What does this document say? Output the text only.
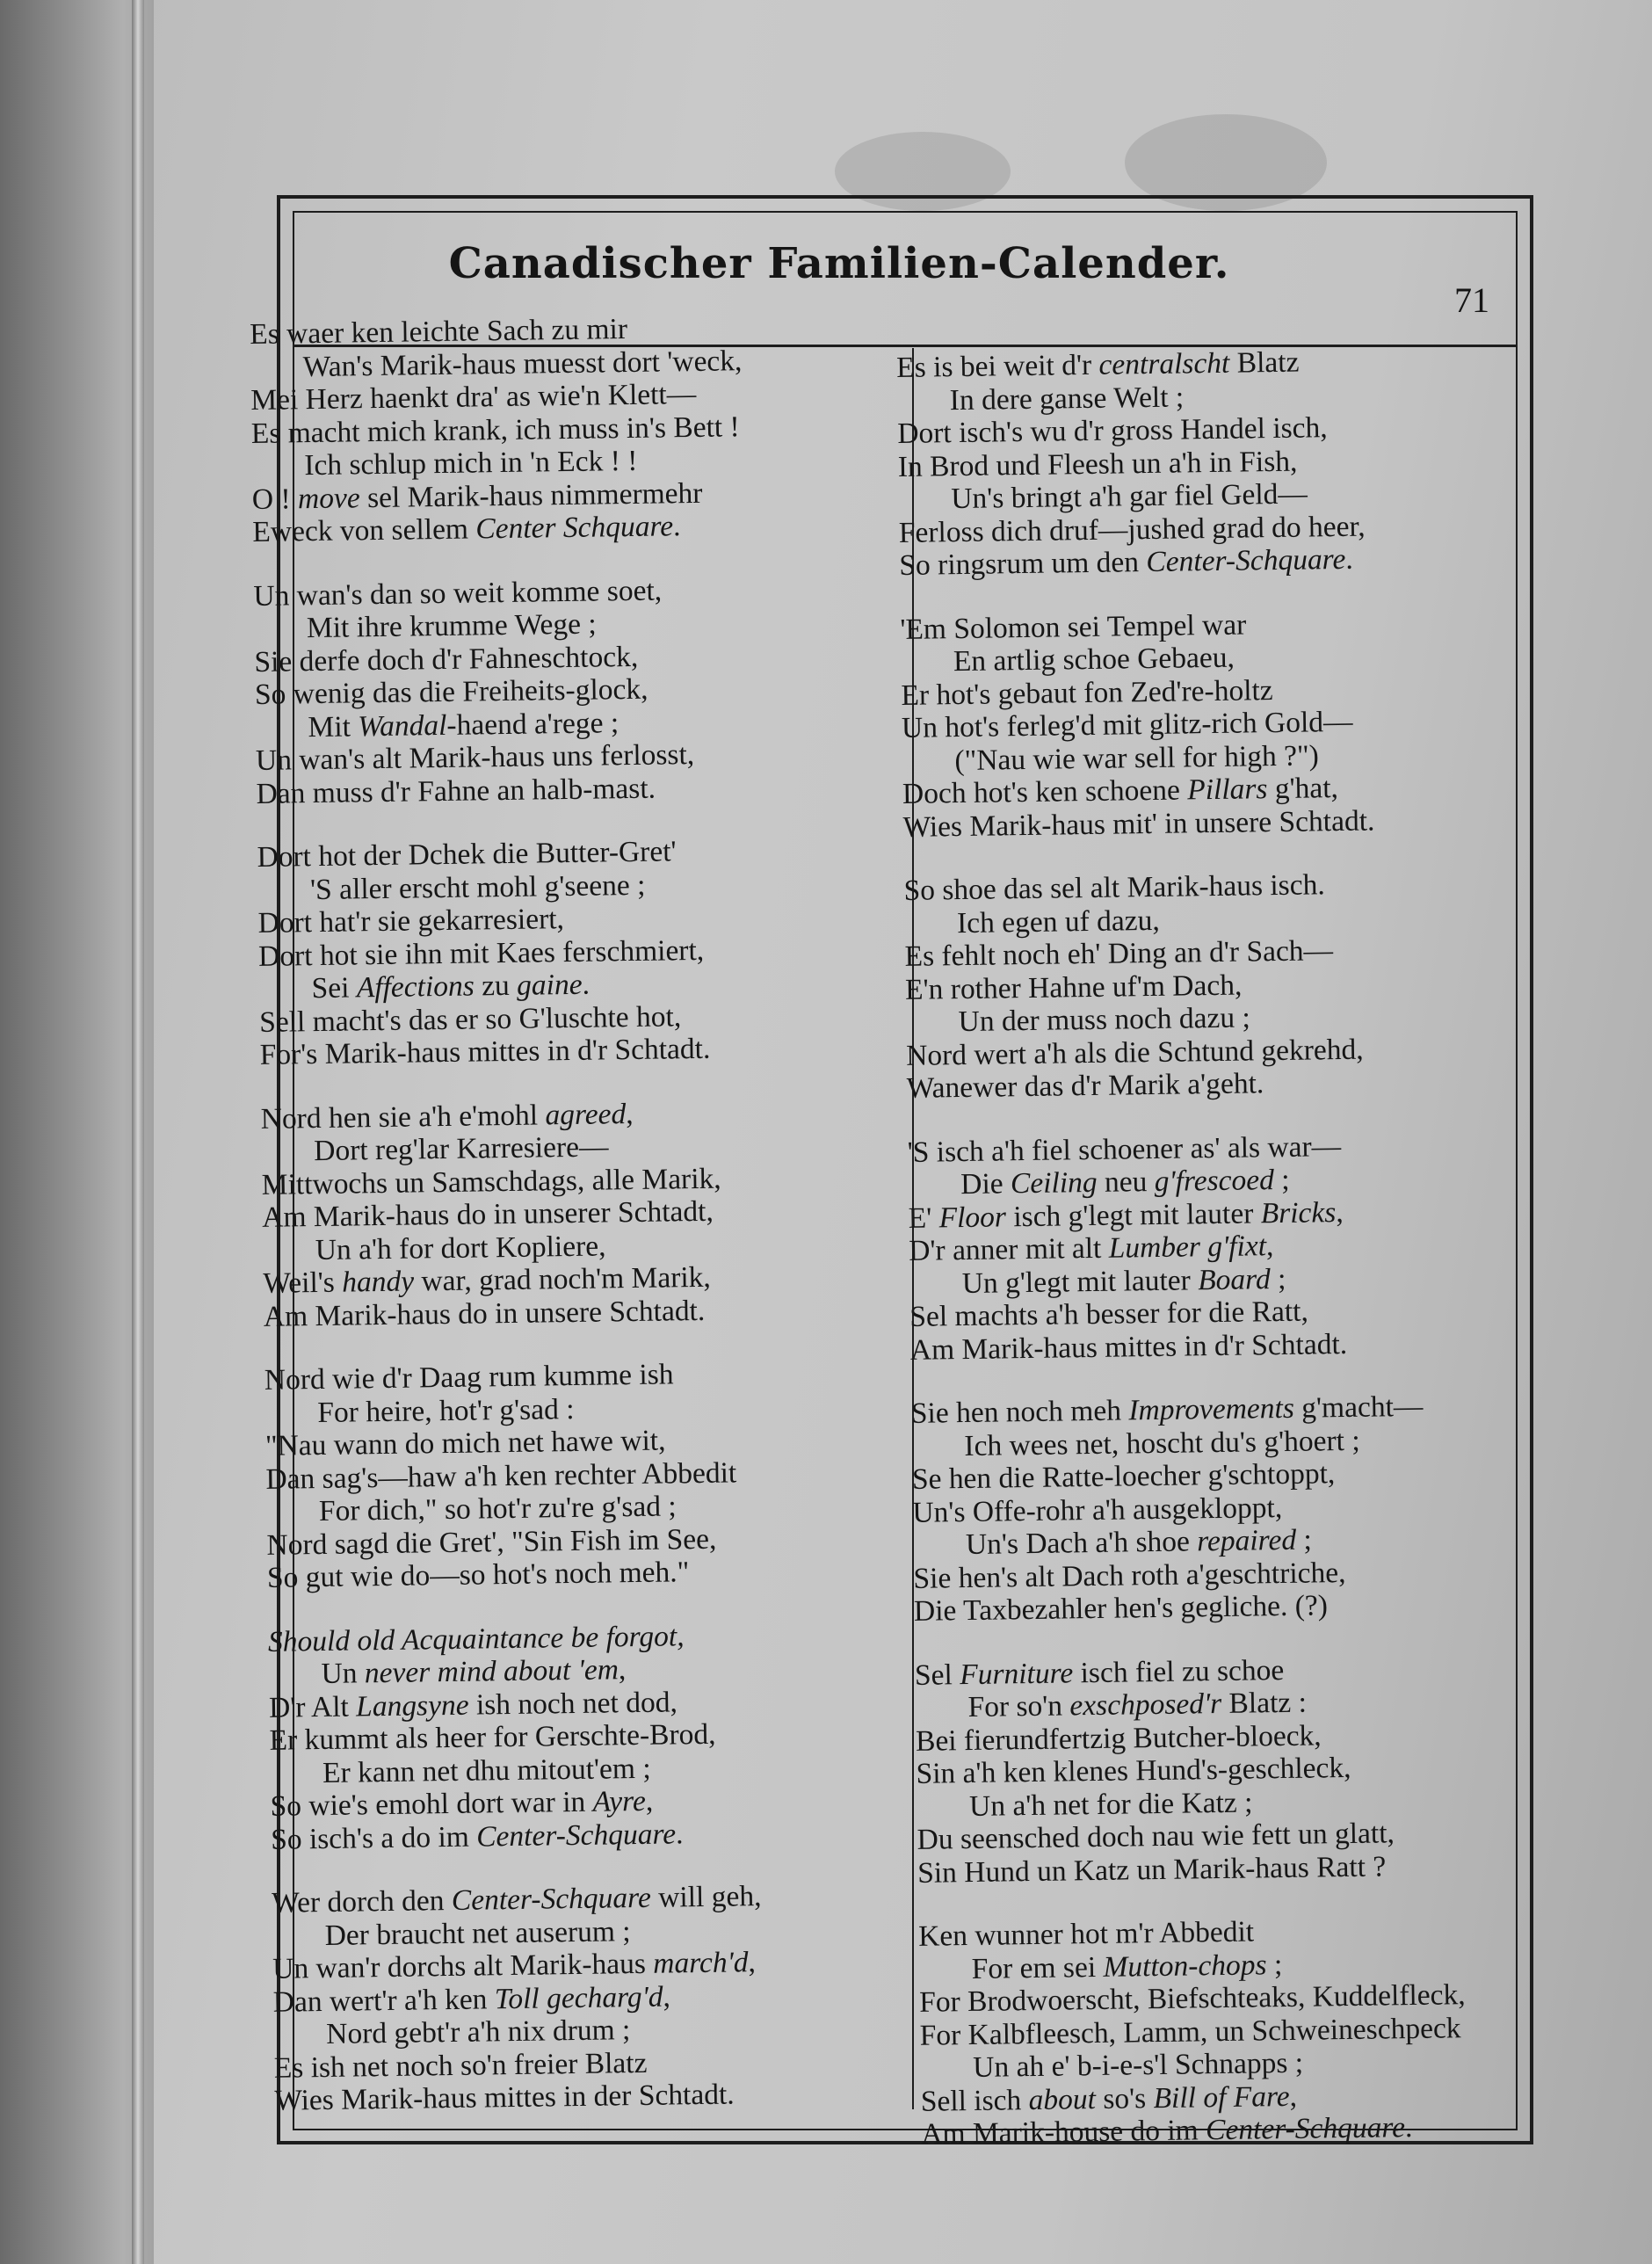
Canadischer Familien-Calender.
71
Es waer ken leichte Sach zu mir
Wan's Marik-haus muesst dort 'weck,
Mei Herz haenkt dra' as wie'n Klett—
Es macht mich krank, ich muss in's Bett !
Ich schlup mich in 'n Eck ! !
O ! move sel Marik-haus nimmermehr
Eweck von sellem Center Schquare.
Un wan's dan so weit komme soet,
Mit ihre krumme Wege ;
Sie derfe doch d'r Fahneschtock,
So wenig das die Freiheits-glock,
Mit Wandal-haend a'rege ;
Un wan's alt Marik-haus uns ferlosst,
Dan muss d'r Fahne an halb-mast.
Dort hot der Dchek die Butter-Gret'
'S aller erscht mohl g'seene ;
Dort hat'r sie gekarresiert,
Dort hot sie ihn mit Kaes ferschmiert,
Sei Affections zu gaine.
Sell macht's das er so G'luschte hot,
For's Marik-haus mittes in d'r Schtadt.
Nord hen sie a'h e'mohl agreed,
Dort reg'lar Karresiere—
Mittwochs un Samschdags, alle Marik,
Am Marik-haus do in unserer Schtadt,
Un a'h for dort Kopliere,
Weil's handy war, grad noch'm Marik,
Am Marik-haus do in unsere Schtadt.
Nord wie d'r Daag rum kumme ish
For heire, hot'r g'sad :
"Nau wann do mich net hawe wit,
Dan sag's—haw a'h ken rechter Abbedit
For dich," so hot'r zu're g'sad ;
Nord sagd die Gret', "Sin Fish im See,
So gut wie do—so hot's noch meh."
Should old Acquaintance be forgot,
Un never mind about 'em,
D'r Alt Langsyne ish noch net dod,
Er kummt als heer for Gerschte-Brod,
Er kann net dhu mitout'em ;
So wie's emohl dort war in Ayre,
So isch's a do im Center-Schquare.
Wer dorch den Center-Schquare will geh,
Der braucht net auserum ;
Un wan'r dorchs alt Marik-haus march'd,
Dan wert'r a'h ken Toll gecharg'd,
Nord gebt'r a'h nix drum ;
Es ish net noch so'n freier Blatz
Wies Marik-haus mittes in der Schtadt.
Es is bei weit d'r centralscht Blatz
In dere ganse Welt ;
Dort isch's wu d'r gross Handel isch,
In Brod und Fleesh un a'h in Fish,
Un's bringt a'h gar fiel Geld—
Ferloss dich druf—jushed grad do heer,
So ringsrum um den Center-Schquare.
'Em Solomon sei Tempel war
En artlig schoe Gebaeu,
Er hot's gebaut fon Zed're-holtz
Un hot's ferleg'd mit glitz-rich Gold—
("Nau wie war sell for high ?")
Doch hot's ken schoene Pillars g'hat,
Wies Marik-haus mit' in unsere Schtadt.
So shoe das sel alt Marik-haus isch.
Ich egen uf dazu,
Es fehlt noch eh' Ding an d'r Sach—
E'n rother Hahne uf'm Dach,
Un der muss noch dazu ;
Nord wert a'h als die Schtund gekrehd,
Wanewer das d'r Marik a'geht.
'S isch a'h fiel schoener as' als war—
Die Ceiling neu g'frescoed ;
E' Floor isch g'legt mit lauter Bricks,
D'r anner mit alt Lumber g'fixt,
Un g'legt mit lauter Board ;
Sel machts a'h besser for die Ratt,
Am Marik-haus mittes in d'r Schtadt.
Sie hen noch meh Improvements g'macht—
Ich wees net, hoscht du's g'hoert ;
Se hen die Ratte-loecher g'schtoppt,
Un's Offe-rohr a'h ausgekloppt,
Un's Dach a'h shoe repaired ;
Sie hen's alt Dach roth a'geschtriche,
Die Taxbezahler hen's gegliche. (?)
Sel Furniture isch fiel zu schoe
For so'n exschposed'r Blatz :
Bei fierundfertzig Butcher-bloeck,
Sin a'h ken klenes Hund's-geschleck,
Un a'h net for die Katz ;
Du seensched doch nau wie fett un glatt,
Sin Hund un Katz un Marik-haus Ratt ?
Ken wunner hot m'r Abbedit
For em sei Mutton-chops ;
For Brodwoerscht, Biefschteaks, Kuddelfleck,
For Kalbfleesch, Lamm, un Schweineschpeck
Un ah e' b-i-e-s'l Schnapps ;
Sell isch about so's Bill of Fare,
Am Marik-house do im Center-Schquare.
